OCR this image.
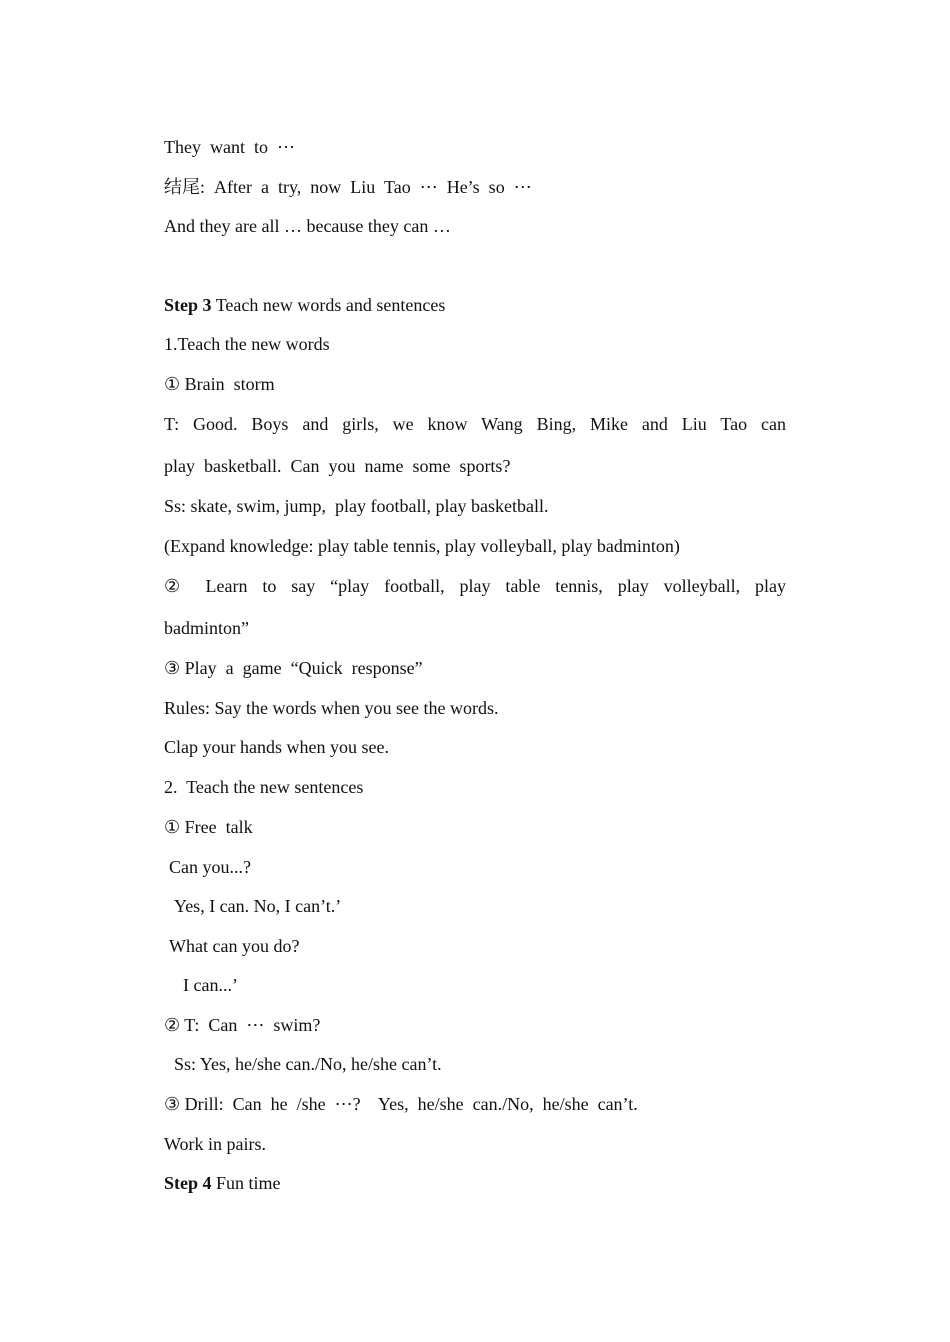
They  want  to  ⋯
结尾:  After  a  try,  now  Liu  Tao  ⋯  He’s  so  ⋯
And they are all … because they can …
Step 3 Teach new words and sentences
1.Teach the new words
① Brain  storm
T: Good. Boys and girls, we know Wang Bing, Mike and Liu Tao can
play  basketball.  Can  you  name  some  sports?
Ss: skate, swim, jump,  play football, play basketball.
(Expand knowledge: play table tennis, play volleyball, play badminton)
② Learn to say “play football, play table tennis, play volleyball, play
badminton”
③ Play  a  game  “Quick  response”
Rules: Say the words when you see the words.
Clap your hands when you see.
2.  Teach the new sentences
① Free  talk
Can you...?
Yes, I can. No, I can’t.’
What can you do?
I can...’
② T:  Can  ⋯  swim?
Ss: Yes, he/she can./No, he/she can’t.
③ Drill:  Can  he  /she  ⋯?    Yes,  he/she  can./No,  he/she  can’t.
Work in pairs.
Step 4 Fun time
